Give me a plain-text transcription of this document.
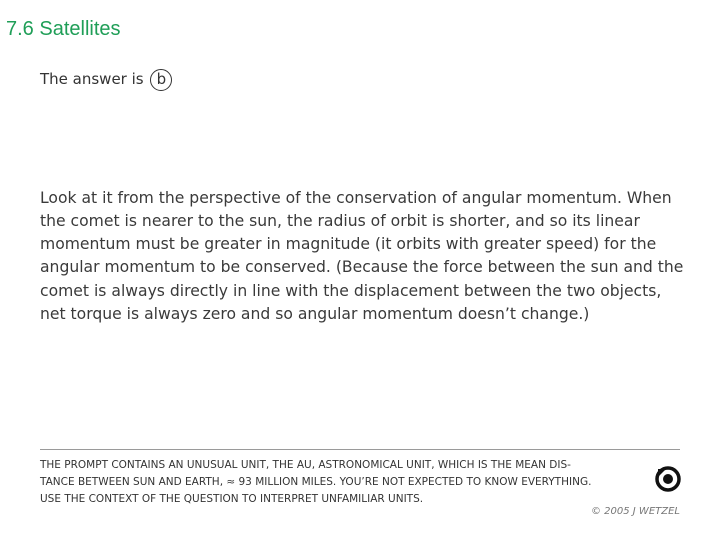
7.6 Satellites
The answer is b
Look at it from the perspective of the conservation of angular momentum. When
the comet is nearer to the sun, the radius of orbit is shorter, and so its linear
momentum must be greater in magnitude (it orbits with greater speed) for the
angular momentum to be conserved. (Because the force between the sun and the
comet is always directly in line with the displacement between the two objects,
net torque is always zero and so angular momentum doesn’t change.)
THE PROMPT CONTAINS AN UNUSUAL UNIT, THE AU, ASTRONOMICAL UNIT, WHICH IS THE MEAN DIS-
TANCE BETWEEN SUN AND EARTH, ≈ 93 MILLION MILES. YOU’RE NOT EXPECTED TO KNOW EVERYTHING.
USE THE CONTEXT OF THE QUESTION TO INTERPRET UNFAMILIAR UNITS.
© 2005 J WETZEL
